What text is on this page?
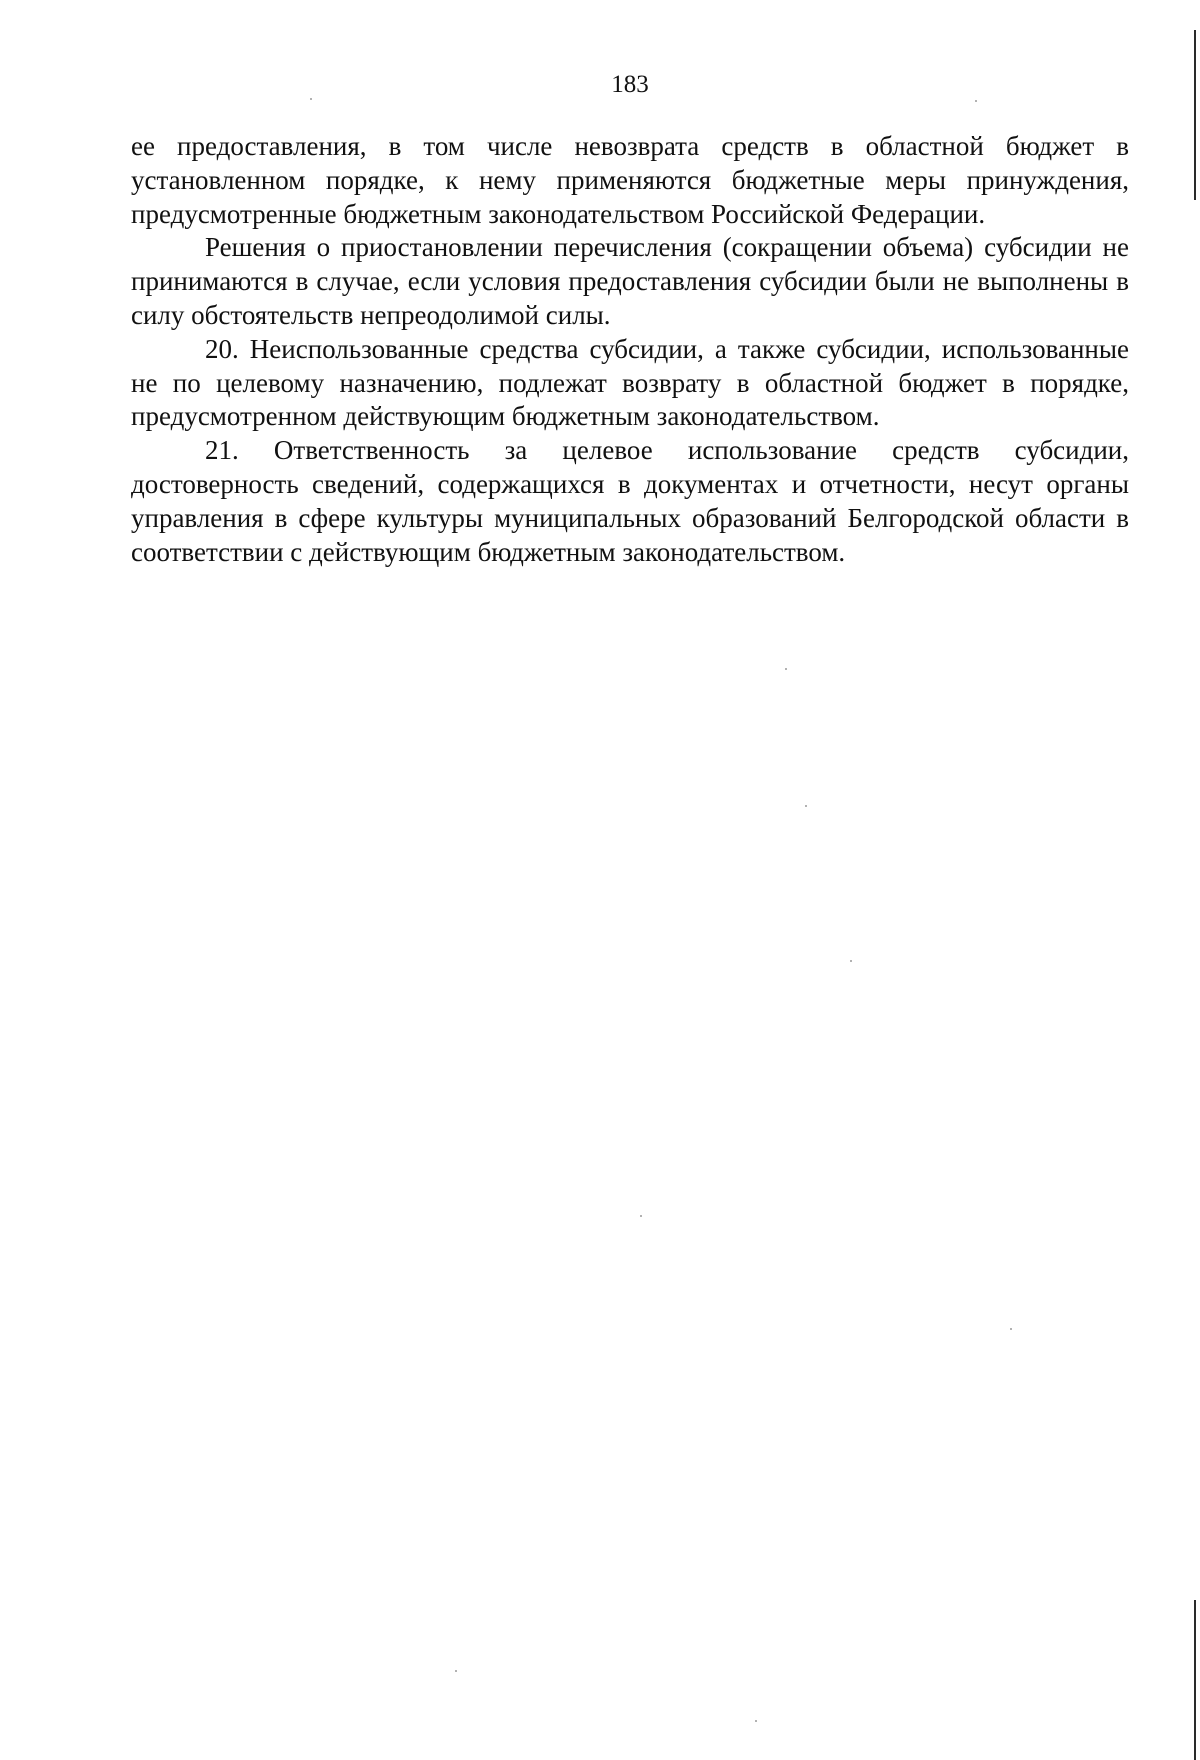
183

ее предоставления, в том числе невозврата средств в областной бюджет в установленном порядке, к нему применяются бюджетные меры принуждения, предусмотренные бюджетным законодательством Российской Федерации.

Решения о приостановлении перечисления (сокращении объема) субсидии не принимаются в случае, если условия предоставления субсидии были не выполнены в силу обстоятельств непреодолимой силы.

20. Неиспользованные средства субсидии, а также субсидии, использованные не по целевому назначению, подлежат возврату в областной бюджет в порядке, предусмотренном действующим бюджетным законодательством.

21. Ответственность за целевое использование средств субсидии, достоверность сведений, содержащихся в документах и отчетности, несут органы управления в сфере культуры муниципальных образований Белгородской области в соответствии с действующим бюджетным законодательством.
